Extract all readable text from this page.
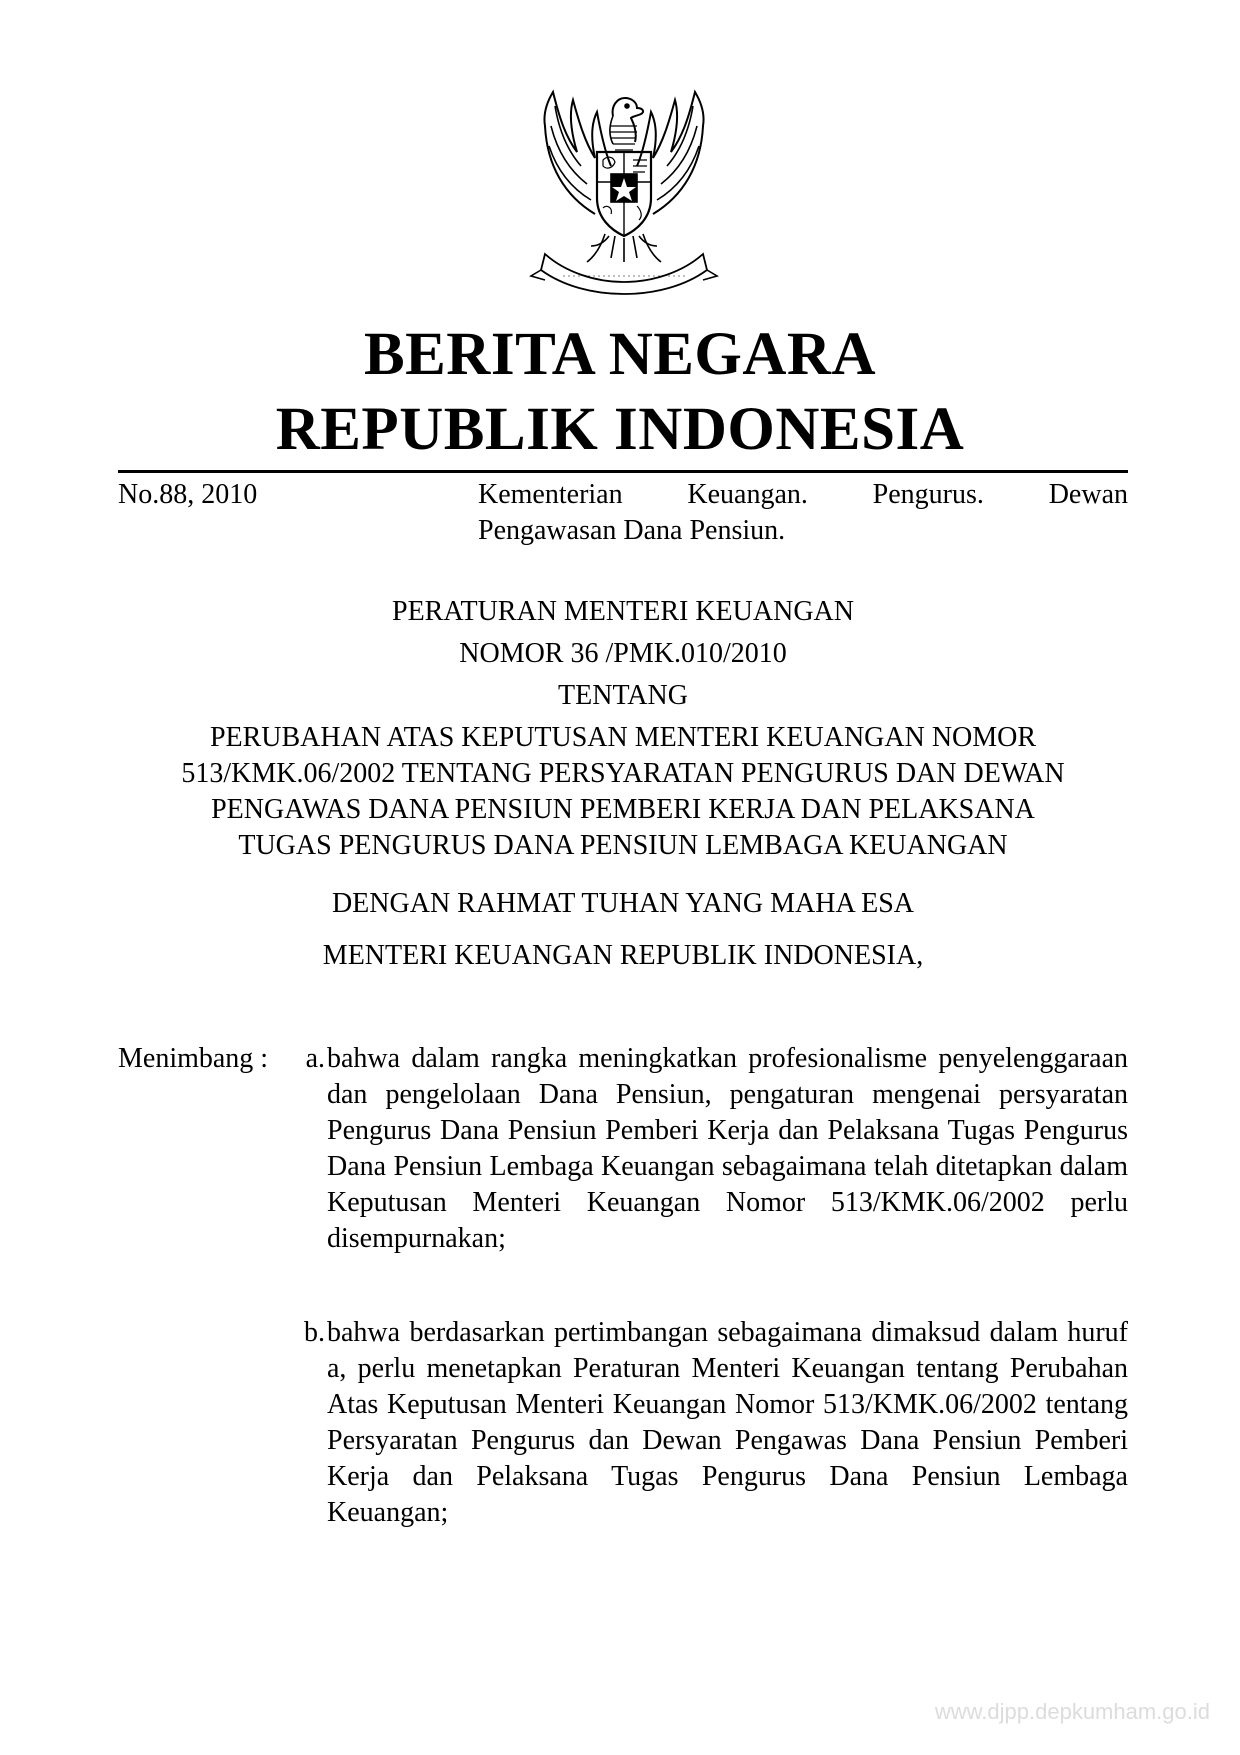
BERITA NEGARA
REPUBLIK INDONESIA
No.88, 2010	Kementerian Keuangan. Pengurus. Dewan
Pengawasan Dana Pensiun.
PERATURAN MENTERI KEUANGAN
NOMOR 36 /PMK.010/2010
TENTANG
PERUBAHAN ATAS KEPUTUSAN MENTERI KEUANGAN NOMOR
513/KMK.06/2002 TENTANG PERSYARATAN PENGURUS DAN DEWAN
PENGAWAS DANA PENSIUN PEMBERI KERJA DAN PELAKSANA
TUGAS PENGURUS DANA PENSIUN LEMBAGA KEUANGAN
DENGAN RAHMAT TUHAN YANG MAHA ESA
MENTERI KEUANGAN REPUBLIK INDONESIA,
Menimbang :	a. bahwa dalam rangka meningkatkan profesionalisme penyelenggaraan dan pengelolaan Dana Pensiun, pengaturan mengenai persyaratan Pengurus Dana Pensiun Pemberi Kerja dan Pelaksana Tugas Pengurus Dana Pensiun Lembaga Keuangan sebagaimana telah ditetapkan dalam Keputusan Menteri Keuangan Nomor 513/KMK.06/2002 perlu disempurnakan;
b. bahwa berdasarkan pertimbangan sebagaimana dimaksud dalam huruf a, perlu menetapkan Peraturan Menteri Keuangan tentang Perubahan Atas Keputusan Menteri Keuangan Nomor 513/KMK.06/2002 tentang Persyaratan Pengurus dan Dewan Pengawas Dana Pensiun Pemberi Kerja dan Pelaksana Tugas Pengurus Dana Pensiun Lembaga Keuangan;
www.djpp.depkumham.go.id
